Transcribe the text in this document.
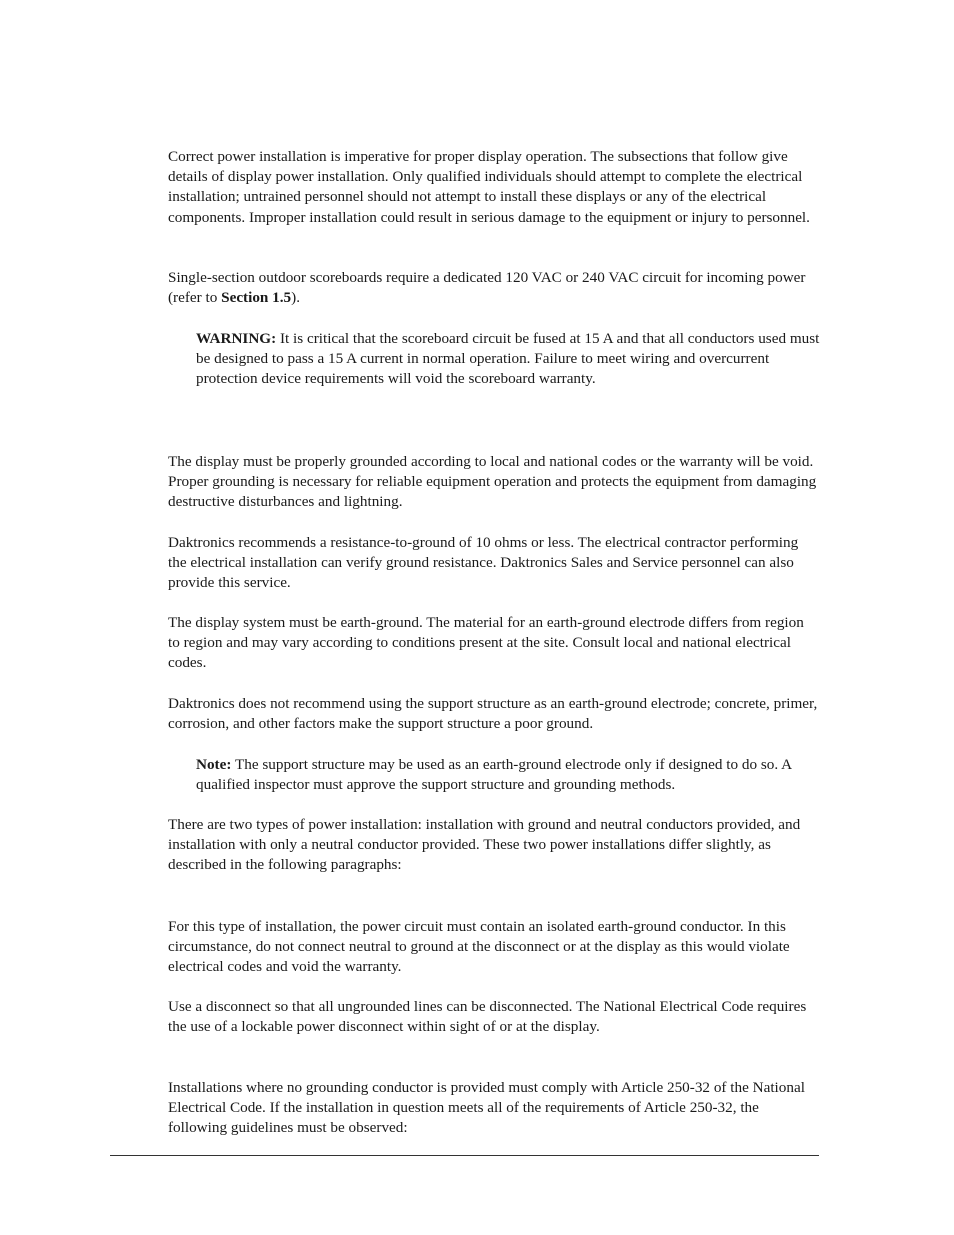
Correct power installation is imperative for proper display operation. The subsections that follow give details of display power installation. Only qualified individuals should attempt to complete the electrical installation; untrained personnel should not attempt to install these displays or any of the electrical components. Improper installation could result in serious damage to the equipment or injury to personnel.

Single-section outdoor scoreboards require a dedicated 120 VAC or 240 VAC circuit for incoming power (refer to Section 1.5).

WARNING: It is critical that the scoreboard circuit be fused at 15 A and that all conductors used must be designed to pass a 15 A current in normal operation. Failure to meet wiring and overcurrent protection device requirements will void the scoreboard warranty.

The display must be properly grounded according to local and national codes or the warranty will be void. Proper grounding is necessary for reliable equipment operation and protects the equipment from damaging destructive disturbances and lightning.

Daktronics recommends a resistance-to-ground of 10 ohms or less. The electrical contractor performing the electrical installation can verify ground resistance. Daktronics Sales and Service personnel can also provide this service.

The display system must be earth-ground. The material for an earth-ground electrode differs from region to region and may vary according to conditions present at the site. Consult local and national electrical codes.

Daktronics does not recommend using the support structure as an earth-ground electrode; concrete, primer, corrosion, and other factors make the support structure a poor ground.

Note: The support structure may be used as an earth-ground electrode only if designed to do so. A qualified inspector must approve the support structure and grounding methods.

There are two types of power installation: installation with ground and neutral conductors provided, and installation with only a neutral conductor provided. These two power installations differ slightly, as described in the following paragraphs:

For this type of installation, the power circuit must contain an isolated earth-ground conductor. In this circumstance, do not connect neutral to ground at the disconnect or at the display as this would violate electrical codes and void the warranty.

Use a disconnect so that all ungrounded lines can be disconnected. The National Electrical Code requires the use of a lockable power disconnect within sight of or at the display.

Installations where no grounding conductor is provided must comply with Article 250-32 of the National Electrical Code. If the installation in question meets all of the requirements of Article 250-32, the following guidelines must be observed:
